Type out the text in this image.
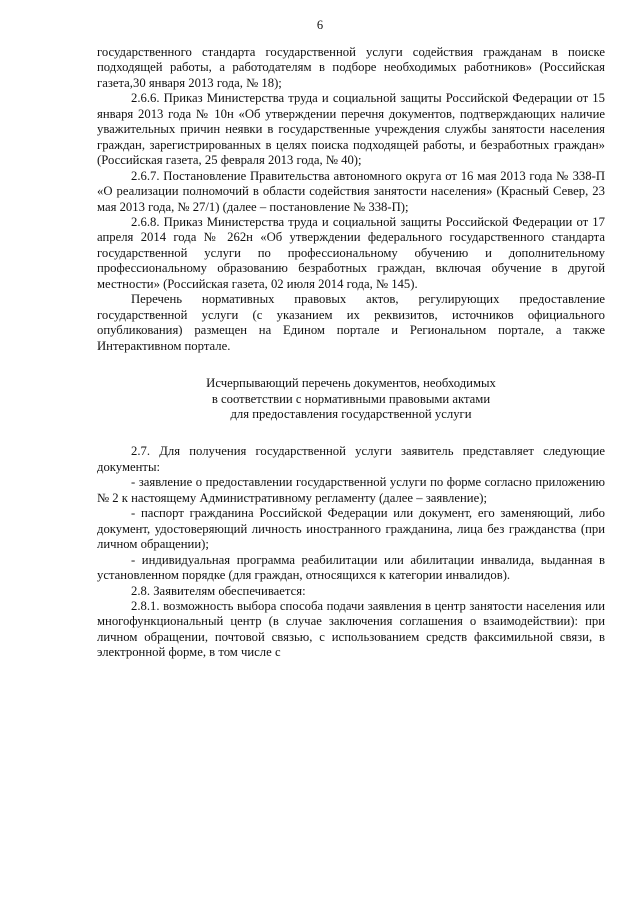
6

государственного стандарта государственной услуги содействия гражданам в поиске подходящей работы, а работодателям в подборе необходимых работников» (Российская газета,30 января 2013 года, № 18);

2.6.6. Приказ Министерства труда и социальной защиты Российской Федерации от 15 января 2013 года № 10н «Об утверждении перечня документов, подтверждающих наличие уважительных причин неявки в государственные учреждения службы занятости населения граждан, зарегистрированных в целях поиска подходящей работы, и безработных граждан» (Российская газета, 25 февраля 2013 года, № 40);

2.6.7. Постановление Правительства автономного округа от 16 мая 2013 года № 338-П «О реализации полномочий в области содействия занятости населения» (Красный Север, 23 мая 2013 года, № 27/1) (далее – постановление № 338-П);

2.6.8. Приказ Министерства труда и социальной защиты Российской Федерации от 17 апреля 2014 года № 262н «Об утверждении федерального государственного стандарта государственной услуги по профессиональному обучению и дополнительному профессиональному образованию безработных граждан, включая обучение в другой местности» (Российская газета, 02 июля 2014 года, № 145).

Перечень нормативных правовых актов, регулирующих предоставление государственной услуги (с указанием их реквизитов, источников официального опубликования) размещен на Едином портале и Региональном портале, а также Интерактивном портале.

Исчерпывающий перечень документов, необходимых
в соответствии с нормативными правовыми актами
для предоставления государственной услуги

2.7. Для получения государственной услуги заявитель представляет следующие документы:

- заявление о предоставлении государственной услуги по форме согласно приложению № 2 к настоящему Административному регламенту (далее – заявление);

- паспорт гражданина Российской Федерации или документ, его заменяющий, либо документ, удостоверяющий личность иностранного гражданина, лица без гражданства (при личном обращении);

- индивидуальная программа реабилитации или абилитации инвалида, выданная в установленном порядке (для граждан, относящихся к категории инвалидов).

2.8. Заявителям обеспечивается:

2.8.1. возможность выбора способа подачи заявления в центр занятости населения или многофункциональный центр (в случае заключения соглашения о взаимодействии): при личном обращении, почтовой связью, с использованием средств факсимильной связи, в электронной форме, в том числе с
